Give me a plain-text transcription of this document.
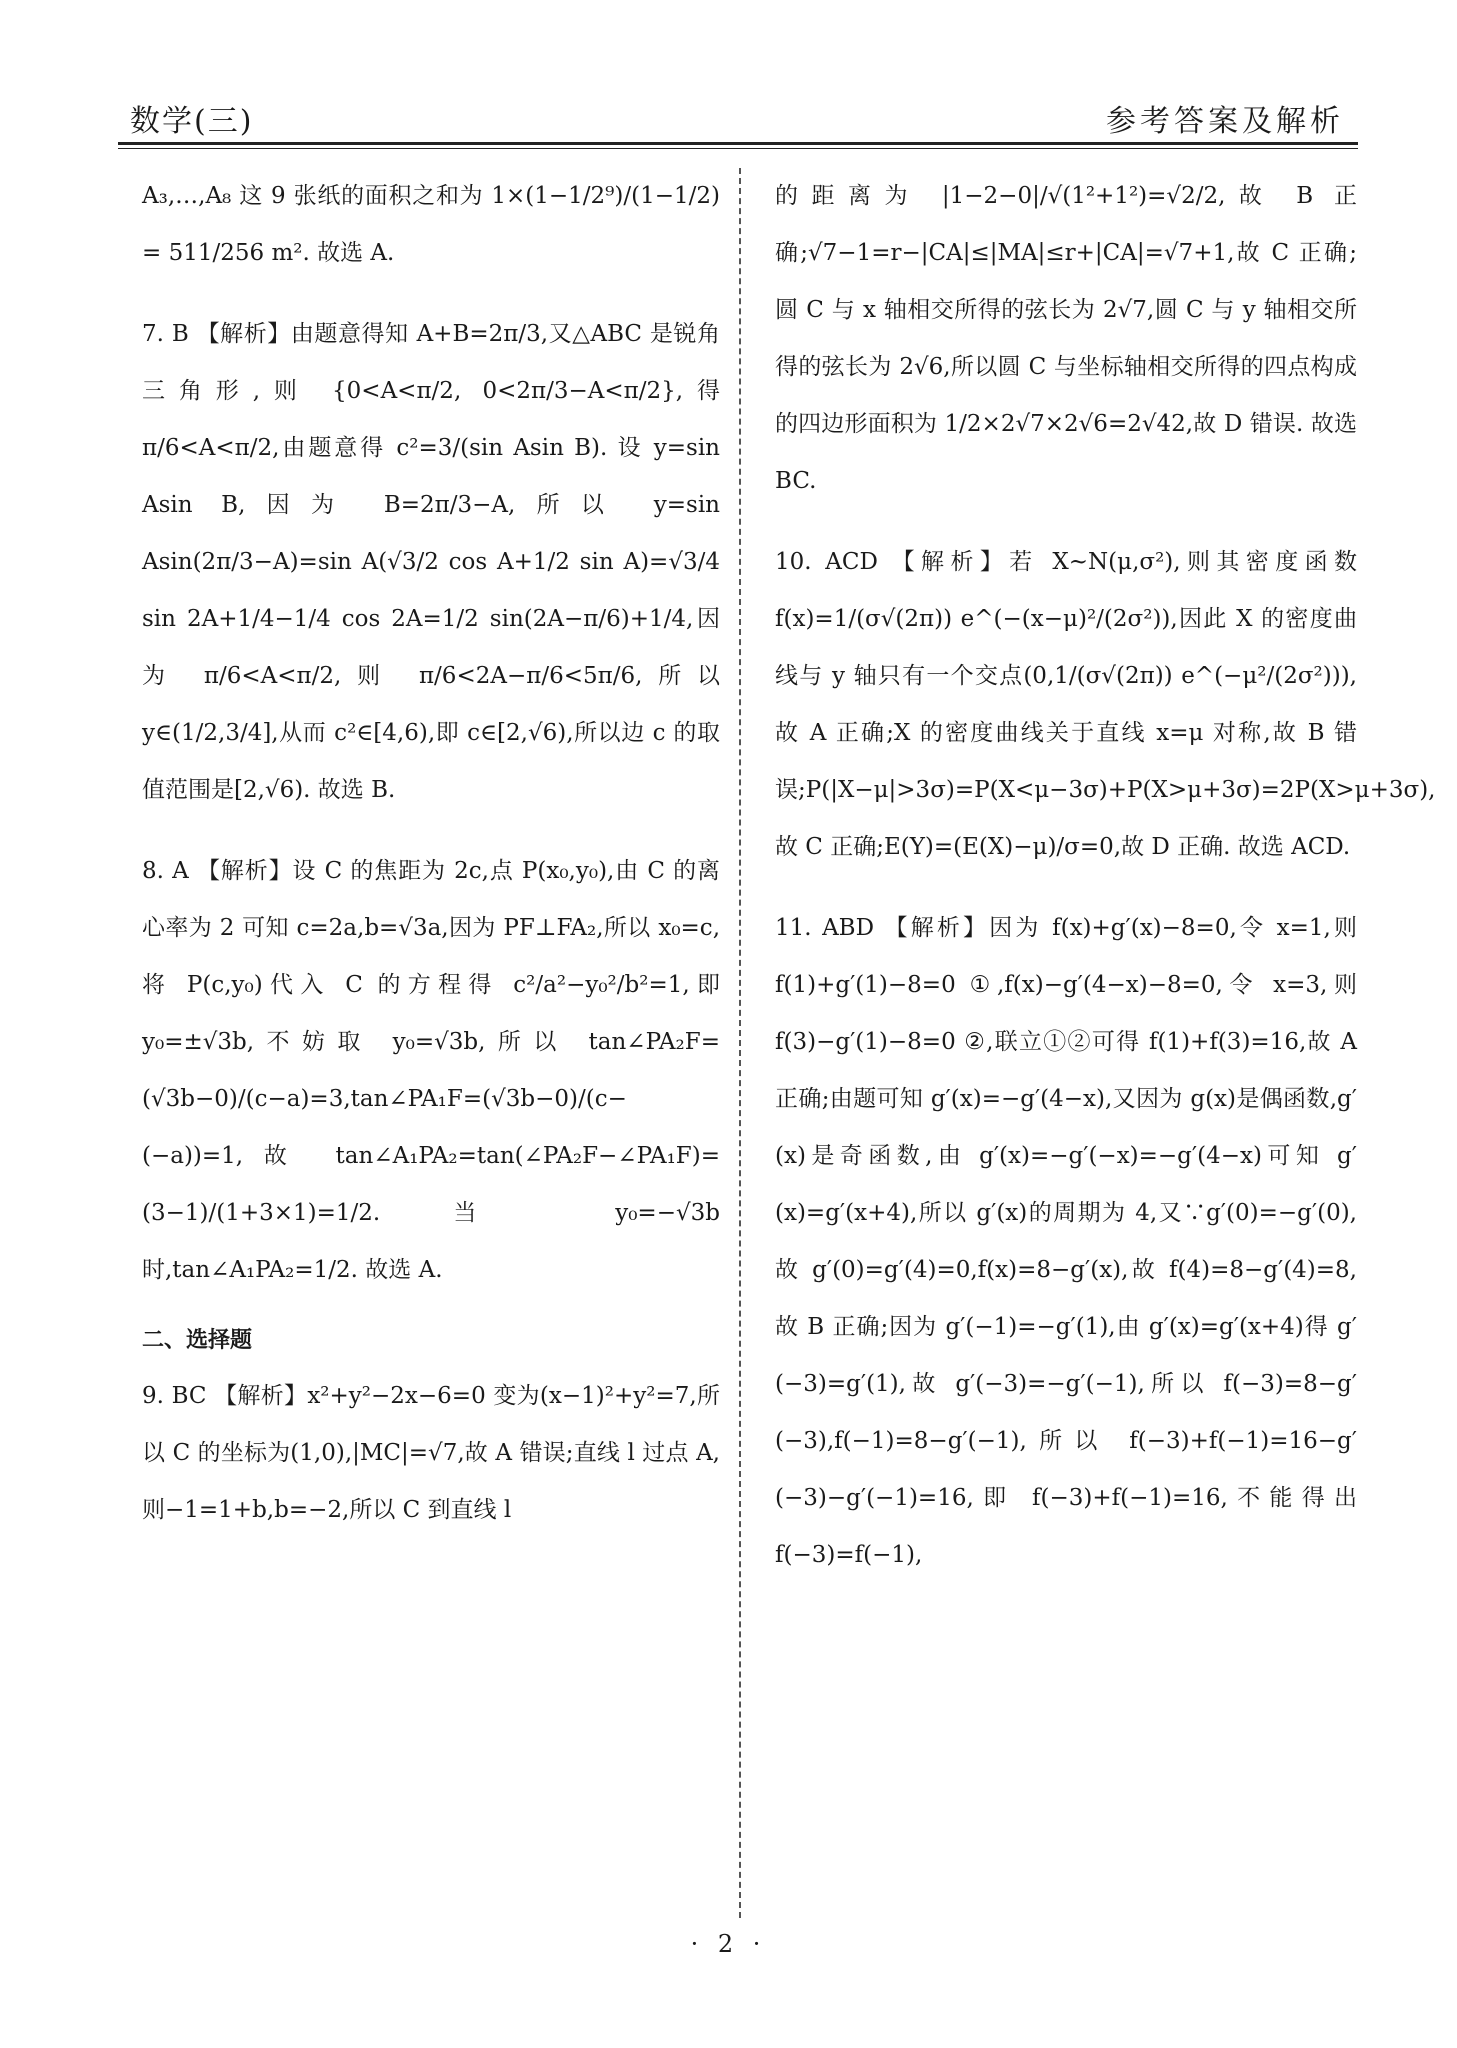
数学(三)	参考答案及解析
A₃,…,A₈ 这 9 张纸的面积之和为 1×(1−1/2⁹)/(1−1/2) = 511/256 m². 故选 A.
7. B 【解析】由题意得知 A+B=2π/3,又△ABC 是锐角三角形,则 {0<A<π/2, 0<2π/3−A<π/2},得 π/6<A<π/2,由题意得 c²=3/(sin Asin B). 设 y=sin Asin B,因为 B=2π/3−A,所以 y=sin Asin(2π/3−A)=sin A(√3/2 cos A+1/2 sin A)=√3/4 sin 2A+1/4−1/4 cos 2A=1/2 sin(2A−π/6)+1/4,因为 π/6<A<π/2,则 π/6<2A−π/6<5π/6,所以 y∈(1/2,3/4],从而 c²∈[4,6),即 c∈[2,√6),所以边 c 的取值范围是[2,√6). 故选 B.
8. A 【解析】设 C 的焦距为 2c,点 P(x₀,y₀),由 C 的离心率为 2 可知 c=2a,b=√3a,因为 PF⊥FA₂,所以 x₀=c,将 P(c,y₀)代入 C 的方程得 c²/a²−y₀²/b²=1,即 y₀=±√3b,不妨取 y₀=√3b,所以 tan∠PA₂F=(√3b−0)/(c−a)=3,tan∠PA₁F=(√3b−0)/(c−(−a))=1,故 tan∠A₁PA₂=tan(∠PA₂F−∠PA₁F)=(3−1)/(1+3×1)=1/2. 当 y₀=−√3b 时,tan∠A₁PA₂=1/2. 故选 A.
二、选择题
9. BC 【解析】x²+y²−2x−6=0 变为(x−1)²+y²=7,所以 C 的坐标为(1,0),|MC|=√7,故 A 错误;直线 l 过点 A,则−1=1+b,b=−2,所以 C 到直线 l
的距离为 |1−2−0|/√(1²+1²)=√2/2,故 B 正确;√7−1=r−|CA|≤|MA|≤r+|CA|=√7+1,故 C 正确;圆 C 与 x 轴相交所得的弦长为 2√7,圆 C 与 y 轴相交所得的弦长为 2√6,所以圆 C 与坐标轴相交所得的四点构成的四边形面积为 1/2×2√7×2√6=2√42,故 D 错误. 故选 BC.
10. ACD 【解析】若 X~N(μ,σ²),则其密度函数 f(x)=1/(σ√(2π)) e^(−(x−μ)²/(2σ²)),因此 X 的密度曲线与 y 轴只有一个交点(0,1/(σ√(2π)) e^(−μ²/(2σ²))),故 A 正确;X 的密度曲线关于直线 x=μ 对称,故 B 错误;P(|X−μ|>3σ)=P(X<μ−3σ)+P(X>μ+3σ)=2P(X>μ+3σ),故 C 正确;E(Y)=(E(X)−μ)/σ=0,故 D 正确. 故选 ACD.
11. ABD 【解析】因为 f(x)+g′(x)−8=0,令 x=1,则 f(1)+g′(1)−8=0 ①,f(x)−g′(4−x)−8=0,令 x=3,则 f(3)−g′(1)−8=0 ②,联立①②可得 f(1)+f(3)=16,故 A 正确;由题可知 g′(x)=−g′(4−x),又因为 g(x)是偶函数,g′(x)是奇函数,由 g′(x)=−g′(−x)=−g′(4−x)可知 g′(x)=g′(x+4),所以 g′(x)的周期为 4,又∵g′(0)=−g′(0),故 g′(0)=g′(4)=0,f(x)=8−g′(x),故 f(4)=8−g′(4)=8,故 B 正确;因为 g′(−1)=−g′(1),由 g′(x)=g′(x+4)得 g′(−3)=g′(1),故 g′(−3)=−g′(−1),所以 f(−3)=8−g′(−3),f(−1)=8−g′(−1),所以 f(−3)+f(−1)=16−g′(−3)−g′(−1)=16,即 f(−3)+f(−1)=16,不能得出 f(−3)=f(−1),
· 2 ·
